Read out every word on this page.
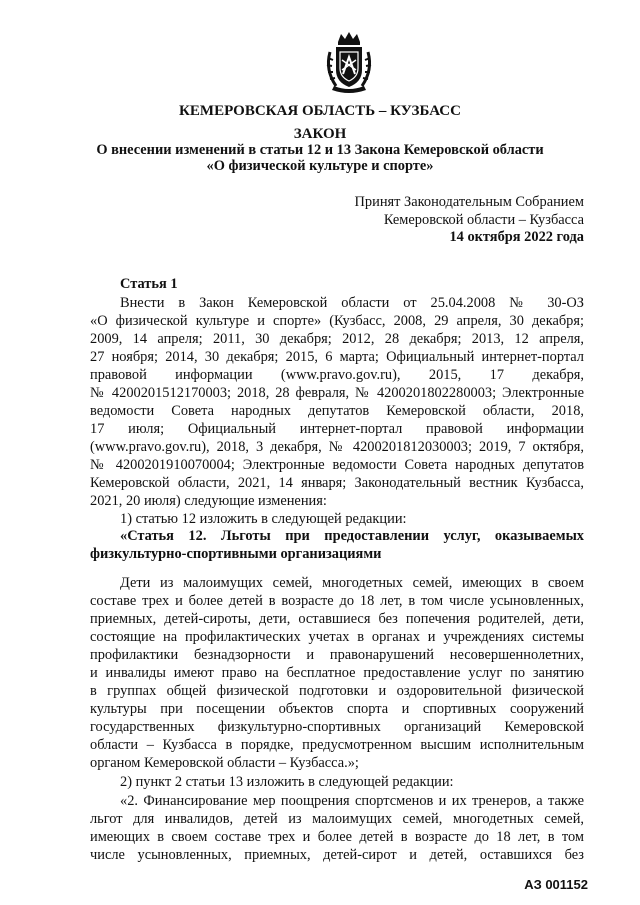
КЕМЕРОВСКАЯ ОБЛАСТЬ – КУЗБАСС
ЗАКОН
О внесении изменений в статьи 12 и 13 Закона Кемеровской области
«О физической культуре и спорте»
Принят Законодательным Собранием
Кемеровской области – Кузбасса
14 октября 2022 года
Статья 1
Внести в Закон Кемеровской области от 25.04.2008 № 30-ОЗ
«О физической культуре и спорте» (Кузбасс, 2008, 29 апреля, 30 декабря;
2009, 14 апреля; 2011, 30 декабря; 2012, 28 декабря; 2013, 12 апреля,
27 ноября; 2014, 30 декабря; 2015, 6 марта; Официальный интернет-портал
правовой информации (www.pravo.gov.ru), 2015, 17 декабря,
№ 4200201512170003; 2018, 28 февраля, № 4200201802280003; Электронные
ведомости Совета народных депутатов Кемеровской области, 2018,
17 июля; Официальный интернет-портал правовой информации
(www.pravo.gov.ru), 2018, 3 декабря, № 4200201812030003; 2019, 7 октября,
№ 4200201910070004; Электронные ведомости Совета народных депутатов
Кемеровской области, 2021, 14 января; Законодательный вестник Кузбасса,
2021, 20 июля) следующие изменения:
1) статью 12 изложить в следующей редакции:
«Статья 12. Льготы при предоставлении услуг, оказываемых
физкультурно-спортивными организациями
Дети из малоимущих семей, многодетных семей, имеющих в своем
составе трех и более детей в возрасте до 18 лет, в том числе усыновленных,
приемных, детей-сироты, дети, оставшиеся без попечения родителей, дети,
состоящие на профилактических учетах в органах и учреждениях системы
профилактики безнадзорности и правонарушений несовершеннолетних,
и инвалиды имеют право на бесплатное предоставление услуг по занятию
в группах общей физической подготовки и оздоровительной физической
культуры при посещении объектов спорта и спортивных сооружений
государственных физкультурно-спортивных организаций Кемеровской
области – Кузбасса в порядке, предусмотренном высшим исполнительным
органом Кемеровской области – Кузбасса.»;
2) пункт 2 статьи 13 изложить в следующей редакции:
«2. Финансирование мер поощрения спортсменов и их тренеров, а также
льгот для инвалидов, детей из малоимущих семей, многодетных семей,
имеющих в своем составе трех и более детей в возрасте до 18 лет, в том
числе усыновленных, приемных, детей-сирот и детей, оставшихся без
АЗ 001152
